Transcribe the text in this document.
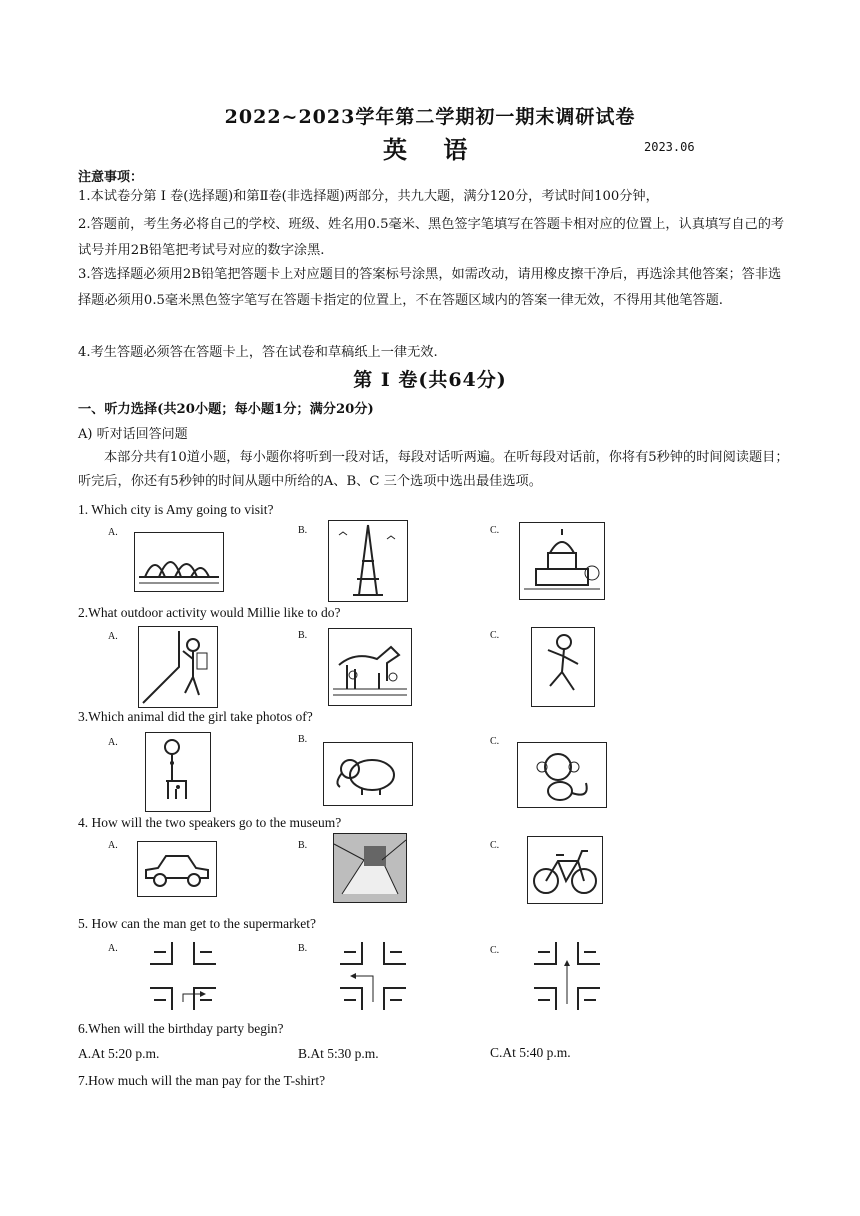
2022~2023学年第二学期初一期末调研试卷
英 语	2023.06
注意事项：
1.本试卷分第 Ⅰ 卷(选择题)和第Ⅱ卷(非选择题)两部分，共九大题，满分120分，考试时间100分钟，
2.答题前，考生务必将自己的学校、班级、姓名用0.5毫米、黑色签字笔填写在答题卡相对应的位置上，认真填写自己的考试号并用2B铅笔把考试号对应的数字涂黑.
3.答选择题必须用2B铅笔把答题卡上对应题目的答案标号涂黑，如需改动，请用橡皮擦干净后，再选涂其他答案；答非选择题必须用0.5毫米黑色签字笔写在答题卡指定的位置上，不在答题区域内的答案一律无效，不得用其他笔答题.
4.考生答题必须答在答题卡上，答在试卷和草稿纸上一律无效.
第 Ⅰ 卷(共64分)
一、听力选择(共20小题；每小题1分；满分20分)
A) 听对话回答问题
本部分共有10道小题，每小题你将听到一段对话，每段对话听两遍。在听每段对话前，你将有5秒钟的时间阅读题目；听完后，你还有5秒钟的时间从题中所给的A、B、C 三个选项中选出最佳选项。
1. Which city is Amy going to visit?
A.	B.	C.
2.What outdoor activity would Millie like to do?
A.	B.	C.
3.Which animal did the girl take photos of?
A.	B.	C.
4. How will the two speakers go to the museum?
A.	B.	C.
5. How can the man get to the supermarket?
A.	B.	C.
6.When will the birthday party begin?
A.At 5:20 p.m.	B.At 5:30 p.m.	C.At 5:40 p.m.
7.How much will the man pay for the T-shirt?
